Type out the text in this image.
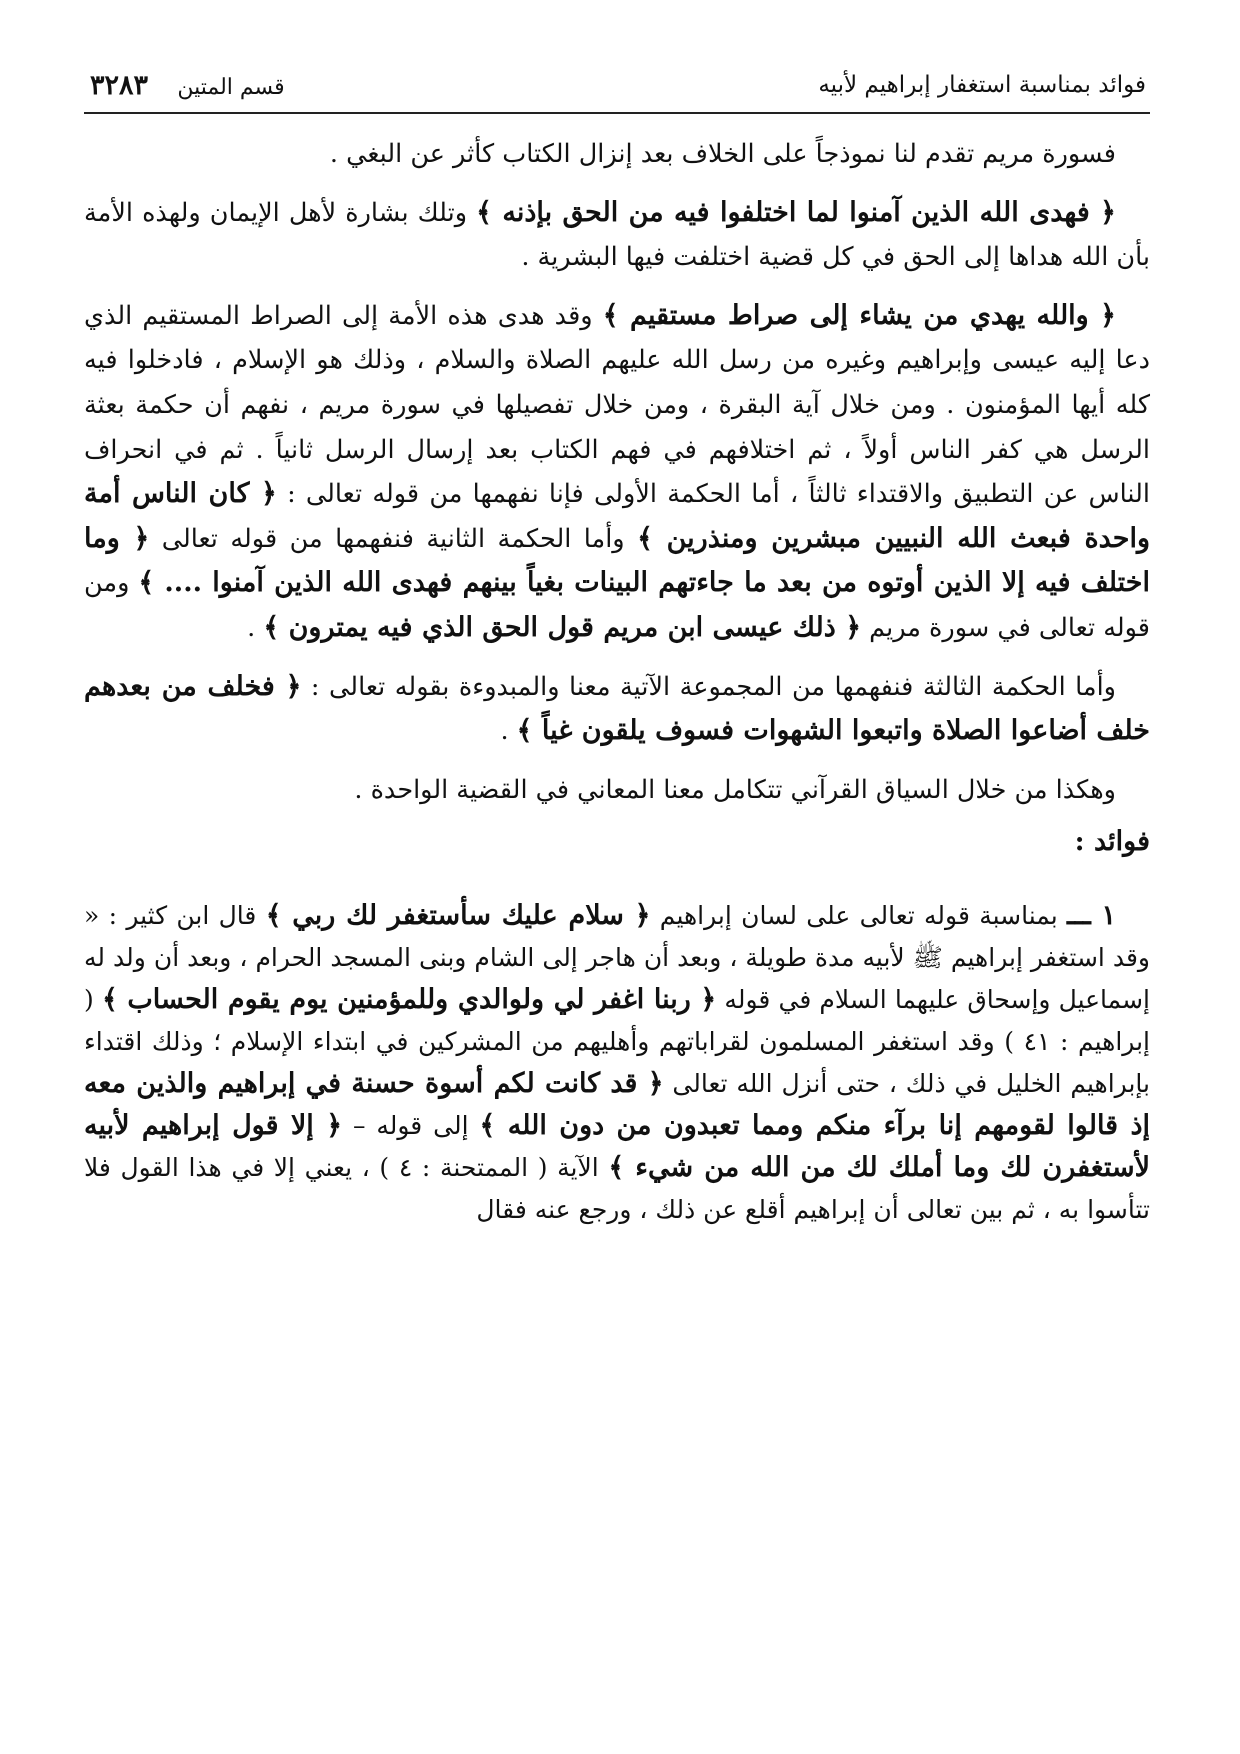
فوائد بمناسبة استغفار إبراهيم لأبيه
قسم المتين ٣٢٨٣

فسورة مريم تقدم لنا نموذجاً على الخلاف بعد إنزال الكتاب كأثر عن البغي .

﴿ فهدى الله الذين آمنوا لما اختلفوا فيه من الحق بإذنه ﴾ وتلك بشارة لأهل الإيمان ولهذه الأمة بأن الله هداها إلى الحق في كل قضية اختلفت فيها البشرية .

﴿ والله يهدي من يشاء إلى صراط مستقيم ﴾ وقد هدى هذه الأمة إلى الصراط المستقيم الذي دعا إليه عيسى وإبراهيم وغيره من رسل الله عليهم الصلاة والسلام ، وذلك هو الإسلام ، فادخلوا فيه كله أيها المؤمنون . ومن خلال آية البقرة ، ومن خلال تفصيلها في سورة مريم ، نفهم أن حكمة بعثة الرسل هي كفر الناس أولاً ، ثم اختلافهم في فهم الكتاب بعد إرسال الرسل ثانياً . ثم في انحراف الناس عن التطبيق والاقتداء ثالثاً ، أما الحكمة الأولى فإنا نفهمها من قوله تعالى : ﴿ كان الناس أمة واحدة فبعث الله النبيين مبشرين ومنذرين ﴾ وأما الحكمة الثانية فنفهمها من قوله تعالى ﴿ وما اختلف فيه إلا الذين أوتوه من بعد ما جاءتهم البينات بغياً بينهم فهدى الله الذين آمنوا .... ﴾ ومن قوله تعالى في سورة مريم ﴿ ذلك عيسى ابن مريم قول الحق الذي فيه يمترون ﴾ .

وأما الحكمة الثالثة فنفهمها من المجموعة الآتية معنا والمبدوءة بقوله تعالى : ﴿ فخلف من بعدهم خلف أضاعوا الصلاة واتبعوا الشهوات فسوف يلقون غياً ﴾ .

وهكذا من خلال السياق القرآني تتكامل معنا المعاني في القضية الواحدة .

فوائد :

١ ـــ بمناسبة قوله تعالى على لسان إبراهيم ﴿ سلام عليك سأستغفر لك ربي ﴾ قال ابن كثير : « وقد استغفر إبراهيم ﷺ لأبيه مدة طويلة ، وبعد أن هاجر إلى الشام وبنى المسجد الحرام ، وبعد أن ولد له إسماعيل وإسحاق عليهما السلام في قوله ﴿ ربنا اغفر لي ولوالدي وللمؤمنين يوم يقوم الحساب ﴾ ( إبراهيم : ٤١ ) وقد استغفر المسلمون لقراباتهم وأهليهم من المشركين في ابتداء الإسلام ؛ وذلك اقتداء بإبراهيم الخليل في ذلك ، حتى أنزل الله تعالى ﴿ قد كانت لكم أسوة حسنة في إبراهيم والذين معه إذ قالوا لقومهم إنا برآء منكم ومما تعبدون من دون الله ﴾ إلى قوله – ﴿ إلا قول إبراهيم لأبيه لأستغفرن لك وما أملك لك من الله من شيء ﴾ الآية ( الممتحنة : ٤ ) ، يعني إلا في هذا القول فلا تتأسوا به ، ثم بين تعالى أن إبراهيم أقلع عن ذلك ، ورجع عنه فقال
